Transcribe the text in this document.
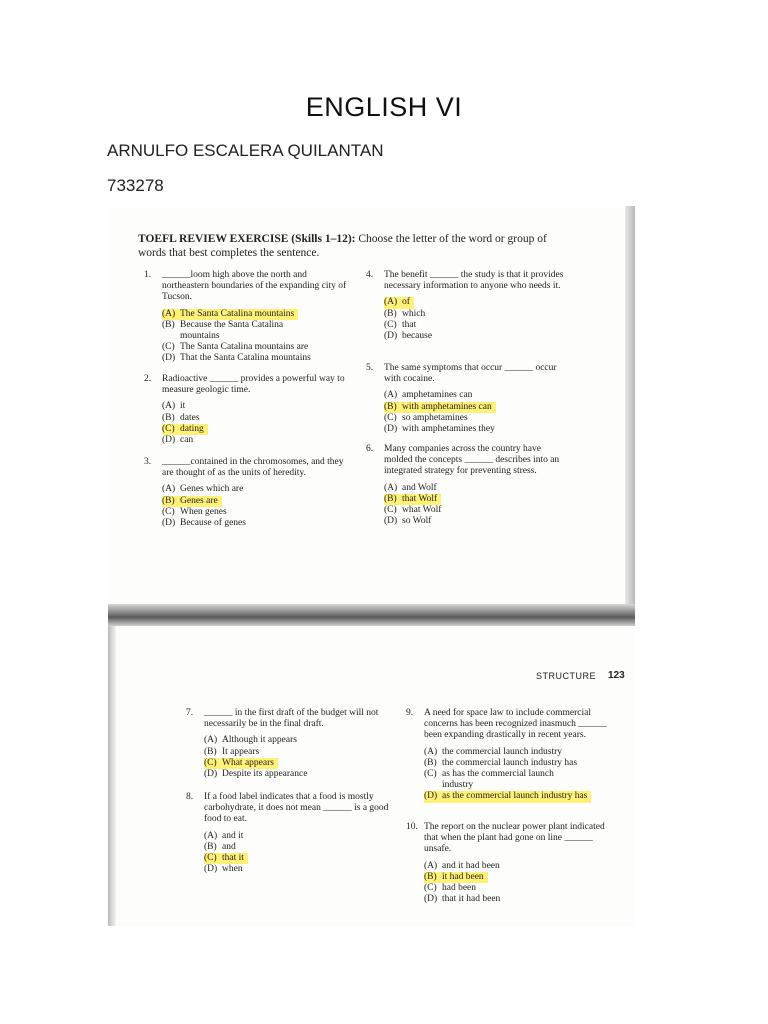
ENGLISH VI
ARNULFO ESCALERA QUILANTAN
733278
TOEFL REVIEW EXERCISE (Skills 1–12): Choose the letter of the word or group of words that best completes the sentence.
1.	______loom high above the north and northeastern boundaries of the expanding city of Tucson.
(A) The Santa Catalina mountains
(B) Because the Santa Catalina
mountains
(C) The Santa Catalina mountains are
(D) That the Santa Catalina mountains
2.	Radioactive ______ provides a powerful way to measure geologic time.
(A) it
(B) dates
(C) dating
(D) can
3.	______contained in the chromosomes, and they are thought of as the units of heredity.
(A) Genes which are
(B) Genes are
(C) When genes
(D) Because of genes
4.	The benefit ______ the study is that it provides necessary information to anyone who needs it.
(A) of
(B) which
(C) that
(D) because
5.	The same symptoms that occur ______ occur with cocaine.
(A) amphetamines can
(B) with amphetamines can
(C) so amphetamines
(D) with amphetamines they
6.	Many companies across the country have molded the concepts ______ describes into an integrated strategy for preventing stress.
(A) and Wolf
(B) that Wolf
(C) what Wolf
(D) so Wolf
STRUCTURE 123
7.	______ in the first draft of the budget will not necessarily be in the final draft.
(A) Although it appears
(B) It appears
(C) What appears
(D) Despite its appearance
8.	If a food label indicates that a food is mostly carbohydrate, it does not mean ______ is a good food to eat.
(A) and it
(B) and
(C) that it
(D) when
9.	A need for space law to include commercial concerns has been recognized inasmuch ______ been expanding drastically in recent years.
(A) the commercial launch industry
(B) the commercial launch industry has
(C) as has the commercial launch
industry
(D) as the commercial launch industry has
10. The report on the nuclear power plant indicated that when the plant had gone on line ______ unsafe.
(A) and it had been
(B) it had been
(C) had been
(D) that it had been
